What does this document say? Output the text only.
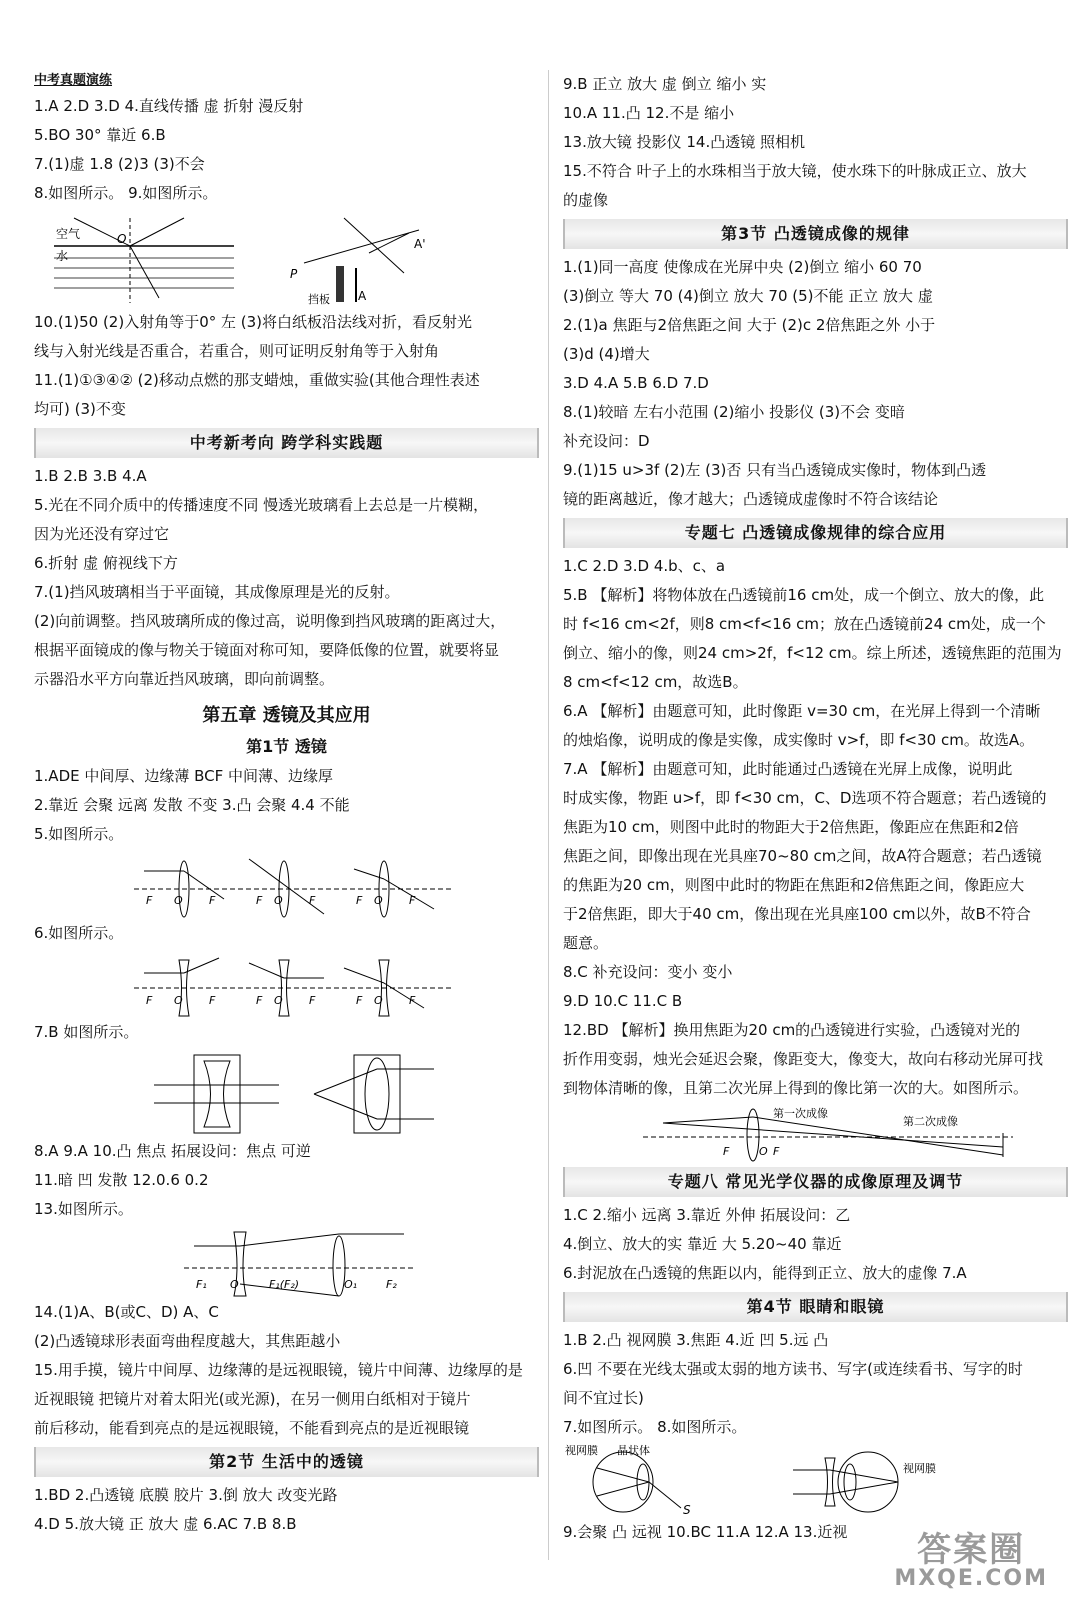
中考真题演练
1.A 2.D 3.D 4.直线传播 虚 折射 漫反射
5.BO 30° 靠近 6.B
7.(1)虚 1.8 (2)3 (3)不会
8.如图所示。 9.如图所示。
空气
水
O
P
挡板 A
A'
10.(1)50 (2)入射角等于0° 左 (3)将白纸板沿法线对折，看反射光
线与入射光线是否重合，若重合，则可证明反射角等于入射角
11.(1)①③④② (2)移动点燃的那支蜡烛，重做实验(其他合理性表述
均可) (3)不变
中考新考向 跨学科实践题
1.B 2.B 3.B 4.A
5.光在不同介质中的传播速度不同 慢透光玻璃看上去总是一片模糊，
因为光还没有穿过它
6.折射 虚 俯视线下方
7.(1)挡风玻璃相当于平面镜，其成像原理是光的反射。
(2)向前调整。挡风玻璃所成的像过高，说明像到挡风玻璃的距离过大，
根据平面镜成的像与物关于镜面对称可知，要降低像的位置，就要将显
示器沿水平方向靠近挡风玻璃，即向前调整。
第五章 透镜及其应用
第1节 透镜
1.ADE 中间厚、边缘薄 BCF 中间薄、边缘厚
2.靠近 会聚 远离 发散 不变 3.凸 会聚 4.4 不能
5.如图所示。
F O F	F O F	F O F
6.如图所示。
F O F	F O F	F O F
7.B 如图所示。
8.A 9.A 10.凸 焦点 拓展设问：焦点 可逆
11.暗 凹 发散 12.0.6 0.2
13.如图所示。
F₁ O	F₁(F₂)	O₁	F₂
14.(1)A、B(或C、D) A、C
(2)凸透镜球形表面弯曲程度越大，其焦距越小
15.用手摸，镜片中间厚、边缘薄的是远视眼镜，镜片中间薄、边缘厚的是
近视眼镜 把镜片对着太阳光(或光源)，在另一侧用白纸相对于镜片
前后移动，能看到亮点的是远视眼镜，不能看到亮点的是近视眼镜
第2节 生活中的透镜
1.BD 2.凸透镜 底膜 胶片 3.倒 放大 改变光路
4.D 5.放大镜 正 放大 虚 6.AC 7.B 8.B
9.B 正立 放大 虚 倒立 缩小 实
10.A 11.凸 12.不是 缩小
13.放大镜 投影仪 14.凸透镜 照相机
15.不符合 叶子上的水珠相当于放大镜，使水珠下的叶脉成正立、放大
的虚像
第3节 凸透镜成像的规律
1.(1)同一高度 使像成在光屏中央 (2)倒立 缩小 60 70
(3)倒立 等大 70 (4)倒立 放大 70 (5)不能 正立 放大 虚
2.(1)a 焦距与2倍焦距之间 大于 (2)c 2倍焦距之外 小于
(3)d (4)增大
3.D 4.A 5.B 6.D 7.D
8.(1)较暗 左右小范围 (2)缩小 投影仪 (3)不会 变暗
补充设问：D
9.(1)15 u>3f (2)左 (3)否 只有当凸透镜成实像时，物体到凸透
镜的距离越近，像才越大；凸透镜成虚像时不符合该结论
专题七 凸透镜成像规律的综合应用
1.C 2.D 3.D 4.b、c、a
5.B 【解析】将物体放在凸透镜前16 cm处，成一个倒立、放大的像，此
时 f<16 cm<2f，则8 cm<f<16 cm；放在凸透镜前24 cm处，成一个
倒立、缩小的像，则24 cm>2f，f<12 cm。综上所述，透镜焦距的范围为
8 cm<f<12 cm，故选B。
6.A 【解析】由题意可知，此时像距 v=30 cm，在光屏上得到一个清晰
的烛焰像，说明成的像是实像，成实像时 v>f，即 f<30 cm。故选A。
7.A 【解析】由题意可知，此时能通过凸透镜在光屏上成像，说明此
时成实像，物距 u>f，即 f<30 cm，C、D选项不符合题意；若凸透镜的
焦距为10 cm，则图中此时的物距大于2倍焦距，像距应在焦距和2倍
焦距之间，即像出现在光具座70~80 cm之间，故A符合题意；若凸透镜
的焦距为20 cm，则图中此时的物距在焦距和2倍焦距之间，像距应大
于2倍焦距，即大于40 cm，像出现在光具座100 cm以外，故B不符合
题意。
8.C 补充设问：变小 变小
9.D 10.C 11.C B
12.BD 【解析】换用焦距为20 cm的凸透镜进行实验，凸透镜对光的
折作用变弱，烛光会延迟会聚，像距变大，像变大，故向右移动光屏可找
到物体清晰的像，且第二次光屏上得到的像比第一次的大。如图所示。
第一次成像
第二次成像
F	O F
专题八 常见光学仪器的成像原理及调节
1.C 2.缩小 远离 3.靠近 外伸 拓展设问：乙
4.倒立、放大的实 靠近 大 5.20~40 靠近
6.封泥放在凸透镜的焦距以内，能得到正立、放大的虚像 7.A
第4节 眼睛和眼镜
1.B 2.凸 视网膜 3.焦距 4.近 凹 5.远 凸
6.凹 不要在光线太强或太弱的地方读书、写字(或连续看书、写字的时
间不宜过长)
7.如图所示。 8.如图所示。
视网膜 晶状体
S
视网膜
9.会聚 凸 远视 10.BC 11.A 12.A 13.近视	答案圈
MXQE.COM
